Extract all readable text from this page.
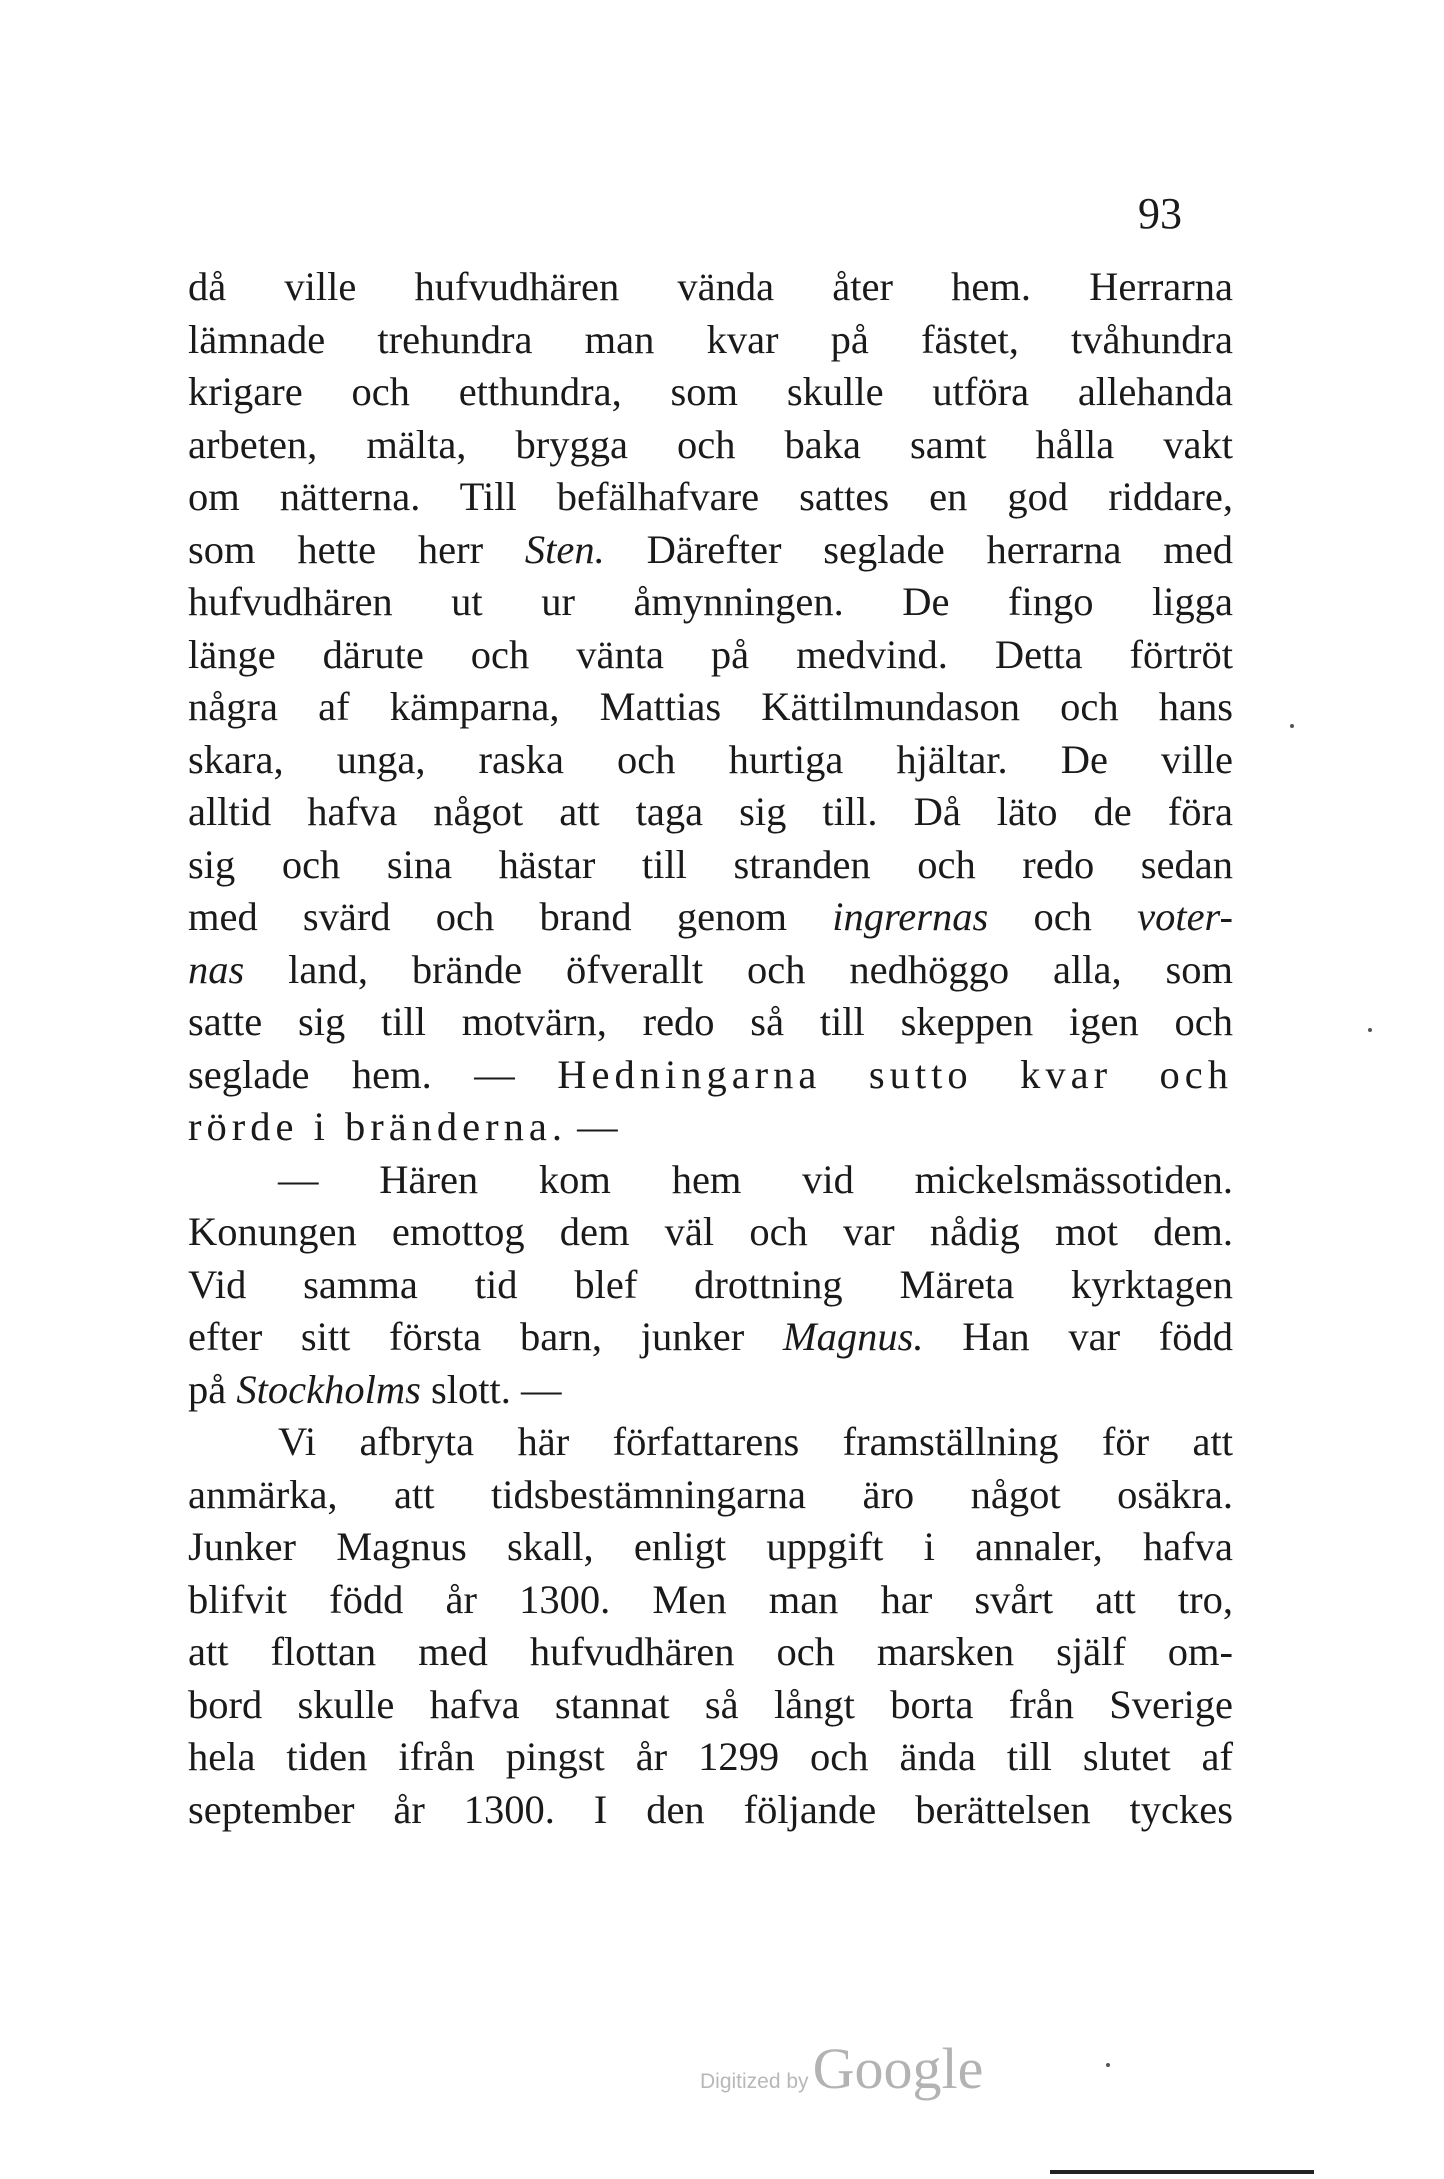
93
då ville hufvudhären vända åter hem. Herrarna
lämnade trehundra man kvar på fästet, tvåhundra
krigare och etthundra, som skulle utföra allehanda
arbeten, mälta, brygga och baka samt hålla vakt
om nätterna. Till befälhafvare sattes en god riddare,
som hette herr Sten. Därefter seglade herrarna med
hufvudhären ut ur åmynningen. De fingo ligga
länge därute och vänta på medvind. Detta förtröt
några af kämparna, Mattias Kättilmundason och hans
skara, unga, raska och hurtiga hjältar. De ville
alltid hafva något att taga sig till. Då läto de föra
sig och sina hästar till stranden och redo sedan
med svärd och brand genom ingrernas och voter-
nas land, brände öfverallt och nedhöggo alla, som
satte sig till motvärn, redo så till skeppen igen och
seglade hem. — Hedningarna sutto kvar och
rörde i bränderna. —
— Hären kom hem vid mickelsmässotiden.
Konungen emottog dem väl och var nådig mot dem.
Vid samma tid blef drottning Märeta kyrktagen
efter sitt första barn, junker Magnus. Han var född
på Stockholms slott. —
Vi afbryta här författarens framställning för att
anmärka, att tidsbestämningarna äro något osäkra.
Junker Magnus skall, enligt uppgift i annaler, hafva
blifvit född år 1300. Men man har svårt att tro,
att flottan med hufvudhären och marsken själf om-
bord skulle hafva stannat så långt borta från Sverige
hela tiden ifrån pingst år 1299 och ända till slutet af
september år 1300. I den följande berättelsen tyckes
Digitized by Google
